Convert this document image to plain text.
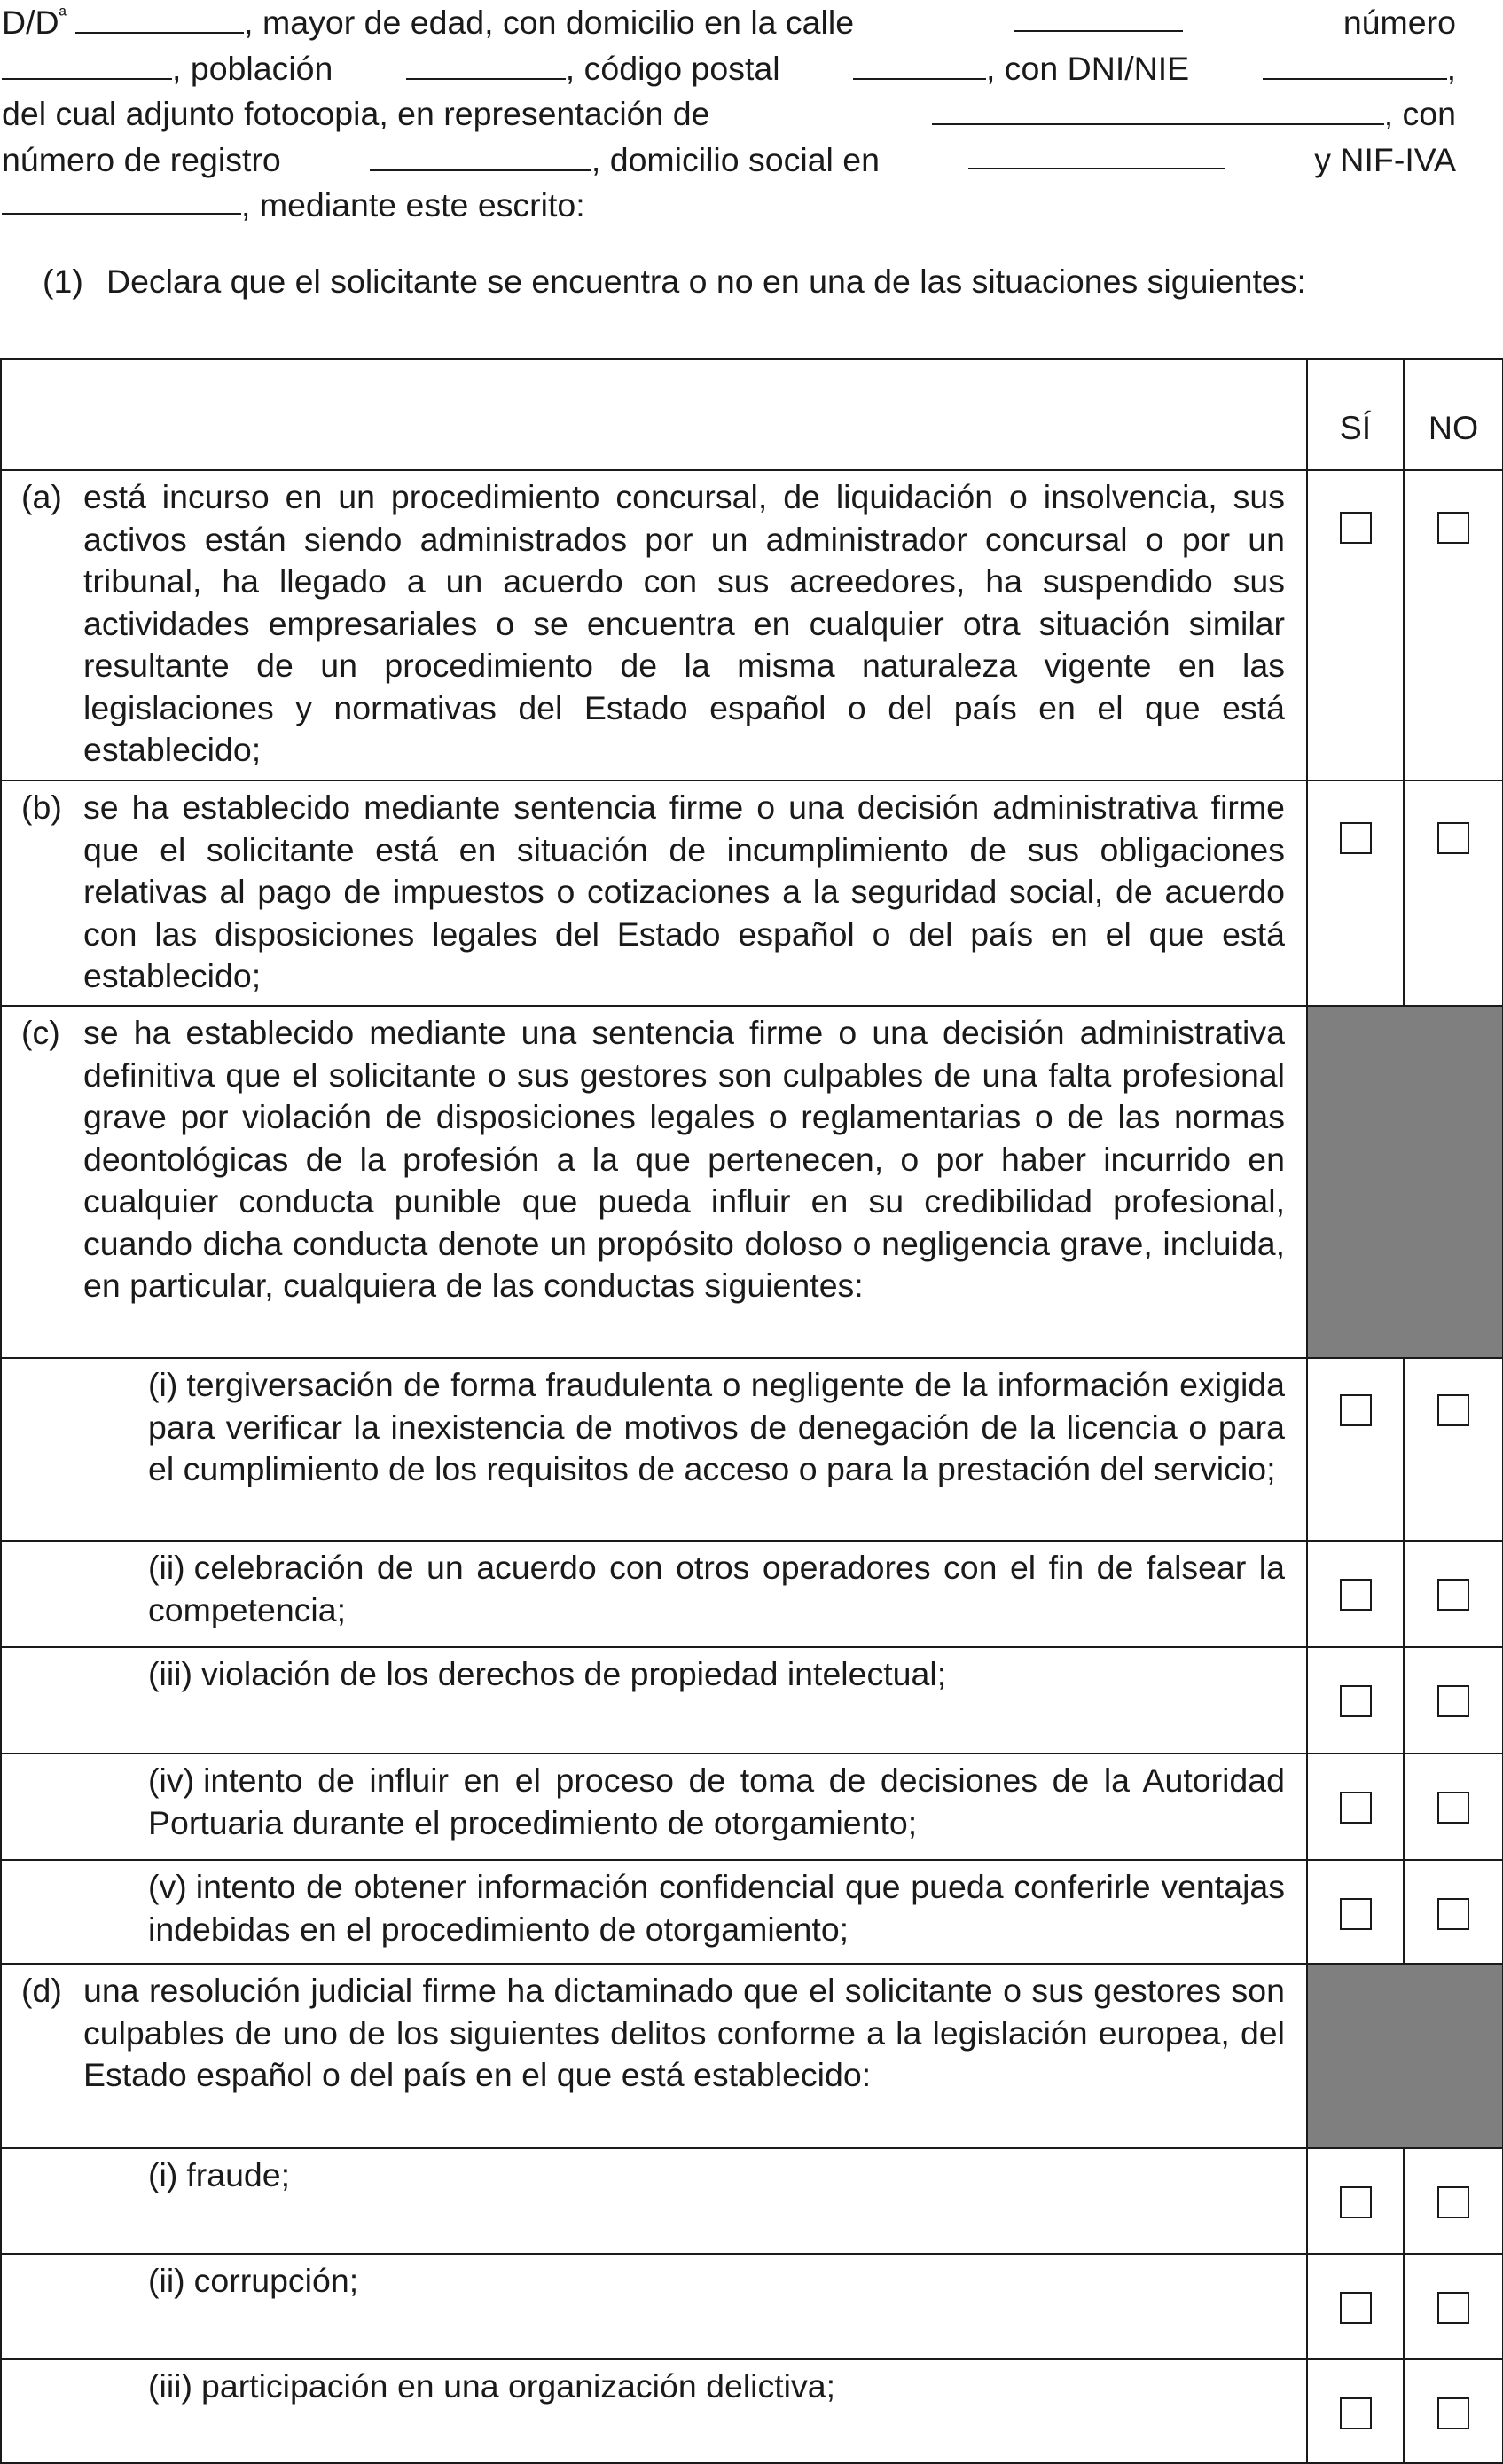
$D/D^ª$	, mayor de edad, con domicilio en la calle	número
, población	, código postal	, con DNI/NIE	,
del cual adjunto fotocopia, en representación de	, con
número de registro	, domicilio social en	y NIF-IVA
, mediante este escrito:
(1) Declara que el solicitante se encuentra o no en una de las situaciones siguientes:
	SÍ	NO

(a) está incurso en un procedimiento concursal, de liquidación o insolvencia, sus activos están siendo administrados por un administrador concursal o por un tribunal, ha llegado a un acuerdo con sus acreedores, ha suspendido sus actividades empresariales o se encuentra en cualquier otra situación similar resultante de un procedimiento de la misma naturaleza vigente en las legislaciones y normativas del Estado español o del país en el que está establecido;		

(b) se ha establecido mediante sentencia firme o una decisión administrativa firme que el solicitante está en situación de incumplimiento de sus obligaciones relativas al pago de impuestos o cotizaciones a la seguridad social, de acuerdo con las disposiciones legales del Estado español o del país en el que está establecido;		

(c) se ha establecido mediante una sentencia firme o una decisión administrativa definitiva que el solicitante o sus gestores son culpables de una falta profesional grave por violación de disposiciones legales o reglamentarias o de las normas deontológicas de la profesión a la que pertenecen, o por haber incurrido en cualquier conducta punible que pueda influir en su credibilidad profesional, cuando dicha conducta denote un propósito doloso o negligencia grave, incluida, en particular, cualquiera de las conductas siguientes:		

(i) tergiversación de forma fraudulenta o negligente de la información exigida para verificar la inexistencia de motivos de denegación de la licencia o para el cumplimiento de los requisitos de acceso o para la prestación del servicio;		

(ii) celebración de un acuerdo con otros operadores con el fin de falsear la competencia;		

(iii) violación de los derechos de propiedad intelectual;		

(iv) intento de influir en el proceso de toma de decisiones de la Autoridad Portuaria durante el procedimiento de otorgamiento;		

(v) intento de obtener información confidencial que pueda conferirle ventajas indebidas en el procedimiento de otorgamiento;		

(d) una resolución judicial firme ha dictaminado que el solicitante o sus gestores son culpables de uno de los siguientes delitos conforme a la legislación europea, del Estado español o del país en el que está establecido:		

(i) fraude;		

(ii) corrupción;		

(iii) participación en una organización delictiva;		
